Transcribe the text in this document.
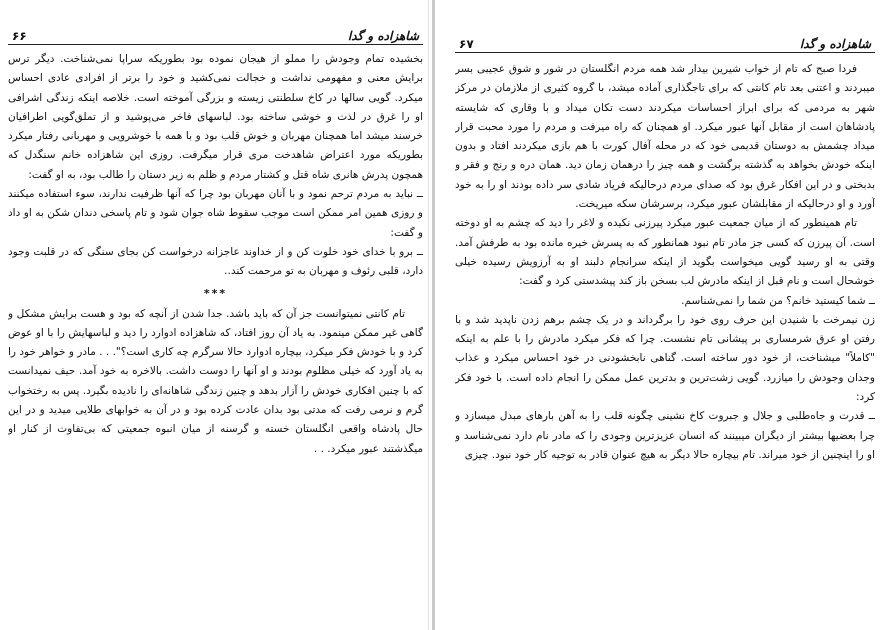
شاهزاده و گدا
۶۶

بخشیده تمام وجودش را مملو از هیجان نموده بود بطوریکه سراپا نمی‌شناخت. دیگر ترس برایش معنی و مفهومی نداشت و خجالت نمی‌کشید و خود را برتر از افرادی عادی احساس میکرد. گویی سالها در کاخ سلطنتی زیسته و بزرگی آموخته است. خلاصه اینکه زندگی اشرافی او را غرق در لذت و خوشی ساخته بود. لباسهای فاخر می‌پوشید و از تملق‌گویی اطرافیان خرسند میشد اما همچنان مهربان و خوش قلب بود و با همه با خوشرویی و مهربانی رفتار میکرد بطوریکه مورد اعتراض شاهدخت مری قرار میگرفت. روزی این شاهزاده خانم سنگدل که همچون پدرش هانری شاه قتل و کشتار مردم و ظلم به زیر دستان را طالب بود، به او گفت:

ــ نباید به مردم ترحم نمود و با آنان مهربان بود چرا که آنها ظرفیت ندارند، سوء استفاده میکنند و روزی همین امر ممکن است موجب سقوط شاه جوان شود و تام پاسخی دندان شکن به او داد و گفت:

ــ برو با خدای خود خلوت کن و از خداوند عاجزانه درخواست کن بجای سنگی که در قلبت وجود دارد، قلبی رئوف و مهربان به تو مرحمت کند..

***

تام کانتی نمیتوانست جز آن که باید باشد. جدا شدن از آنچه که بود و هست برایش مشکل و گاهی غیر ممکن مینمود. به یاد آن روز افتاد، که شاهزاده ادوارد را دید و لباسهایش را با او عوض کرد و با خودش فکر میکرد، بیچاره ادوارد حالا سرگرم چه کاری است؟". . . مادر و خواهر خود را به یاد آورد که خیلی مظلوم بودند و او آنها را دوست داشت. بالاخره به خود آمد. حیف نمیدانست که با چنین افکاری خودش را آزار بدهد و چنین زندگی شاهانه‌ای را نادیده بگیرد. پس به رختخواب گرم و نرمی رفت که مدتی بود بدان عادت کرده بود و در آن به خوابهای طلایی میدید و در این حال پادشاه واقعی انگلستان خسته و گرسنه از میان انبوه جمعیتی که بی‌تفاوت از کنار او میگذشتند عبور میکرد. . .

شاهزاده و گدا
۶۷

فردا صبح که تام از خواب شیرین بیدار شد همه مردم انگلستان در شور و شوق عجیبی بسر میبردند و اعتنی بعد تام کانتی که برای تاجگذاری آماده میشد، با گروه کثیری از ملازمان در مرکز شهر به مردمی که برای ابراز احساسات میکردند دست تکان میداد و با وقاری که شایسته پادشاهان است از مقابل آنها عبور میکرد. او همچنان که راه میرفت و مردم را مورد محبت قرار میداد چشمش به دوستان قدیمی خود که در محله آفال کورت با هم بازی میکردند افتاد و بدون اینکه خودش بخواهد به گذشته برگشت و همه چیز را درهمان زمان دید. همان دره و رنج و فقر و بدبختی و در این افکار غرق بود که صدای مردم درحالیکه فریاد شادی سر داده بودند او را به خود آورد و او درحالیکه از مقابلشان عبور میکرد، برسرشان سکه میریخت.

تام همینطور که از میان جمعیت عبور میکرد پیرزنی نکیده و لاغر را دید که چشم به او دوخته است. آن پیرزن که کسی جز مادر تام نبود همانطور که به پسرش خیره مانده بود به طرفش آمد. وقتی به او رسید گویی میخواست بگوید از اینکه سرانجام دلبند او به آرزویش رسیده خیلی خوشحال است و نام قبل از اینکه مادرش لب بسخن باز کند پیشدستی کرد و گفت:

ــ شما کیستید خانم؟ من شما را نمی‌شناسم.

زن نیمرخت با شنیدن این حرف روی خود را برگرداند و در یک چشم برهم زدن ناپدید شد و با رفتن او عرق شرمساری بر پیشانی تام نشست. چرا که فکر میکرد مادرش را با علم به اینکه "کاملاً" میشناخت، از خود دور ساخته است. گناهی نابخشودنی در خود احساس میکرد و عذاب وجدان وجودش را میازرد. گویی زشت‌ترین و بدترین عمل ممکن را انجام داده است. با خود فکر کرد:

ــ قدرت و جاه‌طلبی و جلال و جبروت کاخ نشینی چگونه قلب را به آهن بارهای مبدل میسازد و چرا بعضیها بیشتر از دیگران میبینند که انسان عزیزترین وجودی را که مادر نام دارد نمی‌شناسد و او را اینچنین از خود میراند. تام بیچاره حالا دیگر به هیچ عنوان قادر به توجیه کار خود نبود. چیزی
